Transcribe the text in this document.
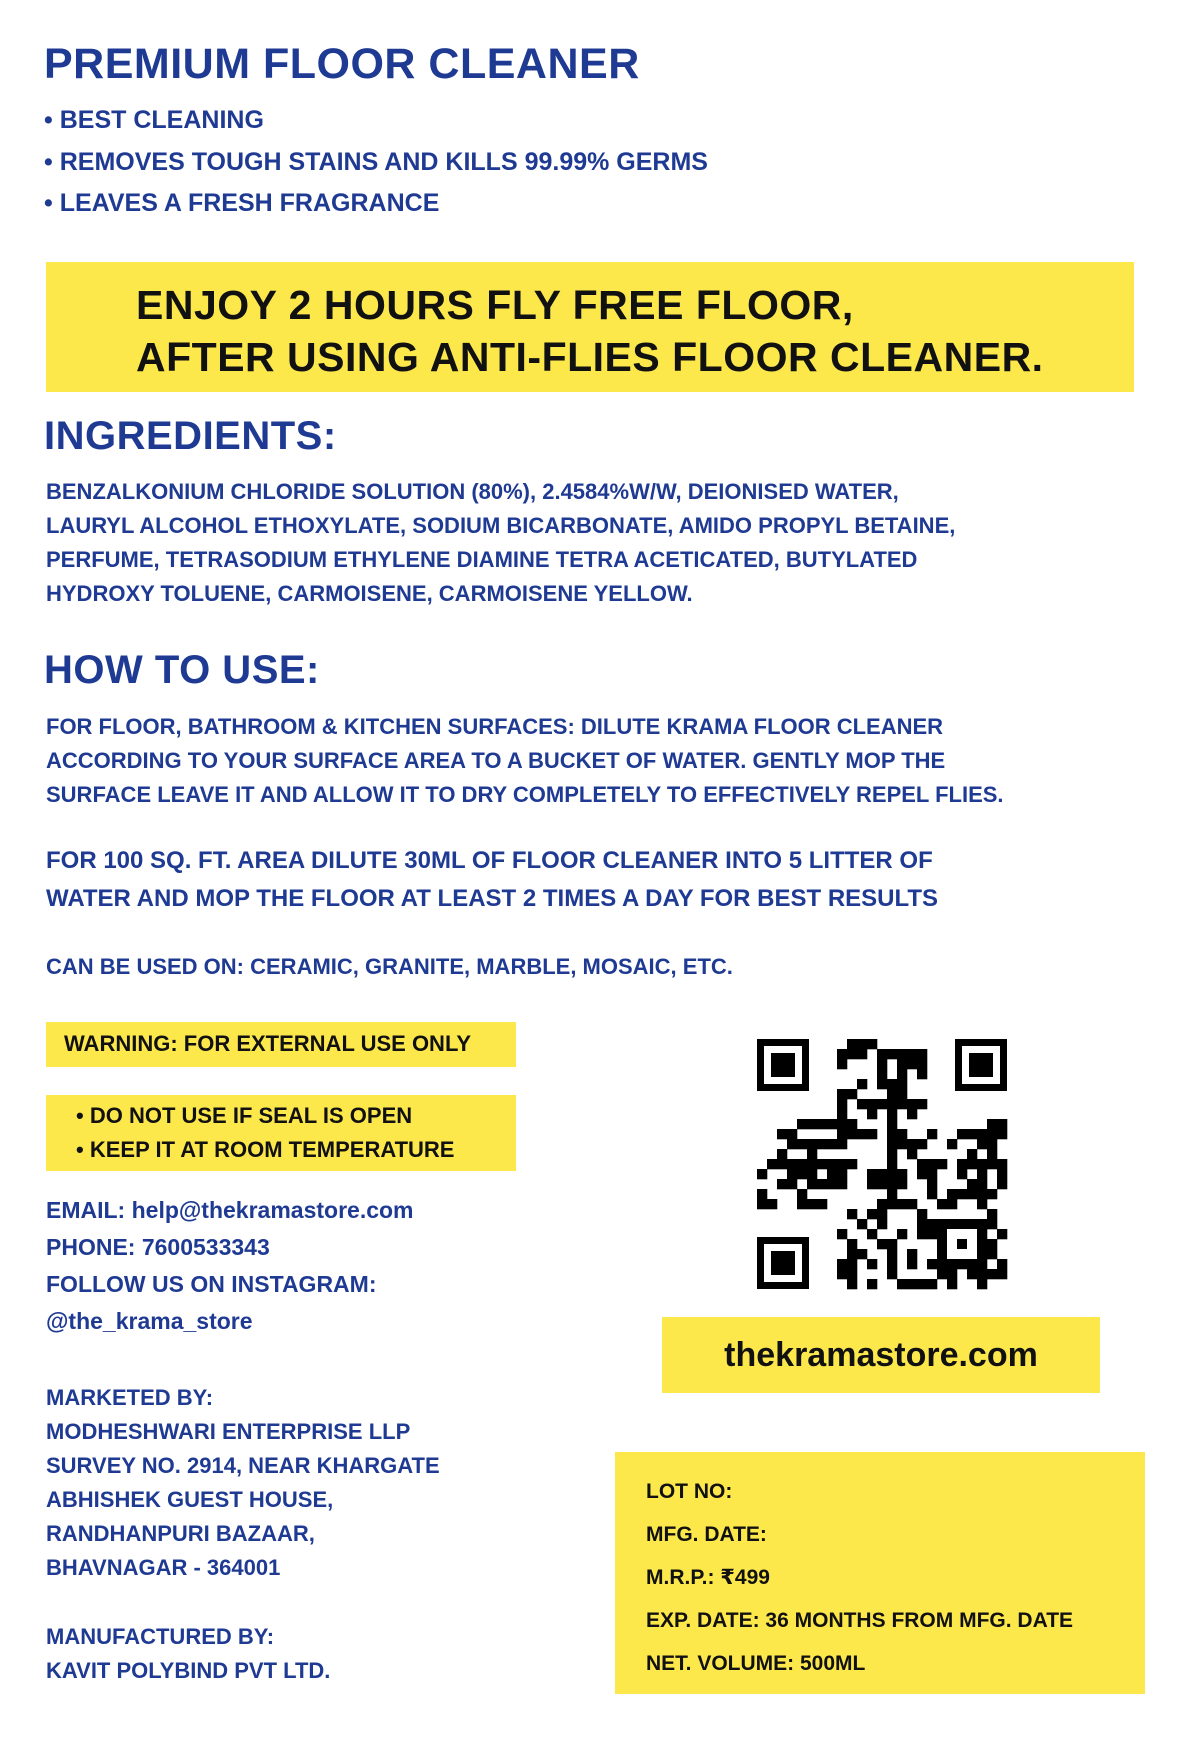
PREMIUM FLOOR CLEANER
• BEST CLEANING
• REMOVES TOUGH STAINS AND KILLS 99.99% GERMS
• LEAVES A FRESH FRAGRANCE
ENJOY 2 HOURS FLY FREE FLOOR,
AFTER USING ANTI-FLIES FLOOR CLEANER.
INGREDIENTS:
BENZALKONIUM CHLORIDE SOLUTION (80%), 2.4584%W/W, DEIONISED WATER,
LAURYL ALCOHOL ETHOXYLATE, SODIUM BICARBONATE, AMIDO PROPYL BETAINE,
PERFUME, TETRASODIUM ETHYLENE DIAMINE TETRA ACETICATED, BUTYLATED
HYDROXY TOLUENE, CARMOISENE, CARMOISENE YELLOW.
HOW TO USE:
FOR FLOOR, BATHROOM & KITCHEN SURFACES: DILUTE KRAMA FLOOR CLEANER
ACCORDING TO YOUR SURFACE AREA TO A BUCKET OF WATER. GENTLY MOP THE
SURFACE LEAVE IT AND ALLOW IT TO DRY COMPLETELY TO EFFECTIVELY REPEL FLIES.
FOR 100 SQ. FT. AREA DILUTE 30ML OF FLOOR CLEANER INTO 5 LITTER OF
WATER AND MOP THE FLOOR AT LEAST 2 TIMES A DAY FOR BEST RESULTS
CAN BE USED ON: CERAMIC, GRANITE, MARBLE, MOSAIC, ETC.
WARNING: FOR EXTERNAL USE ONLY
• DO NOT USE IF SEAL IS OPEN
• KEEP IT AT ROOM TEMPERATURE
EMAIL: help@thekramastore.com
PHONE: 7600533343
FOLLOW US ON INSTAGRAM:
@the_krama_store
MARKETED BY:
MODHESHWARI ENTERPRISE LLP
SURVEY NO. 2914, NEAR KHARGATE
ABHISHEK GUEST HOUSE,
RANDHANPURI BAZAAR,
BHAVNAGAR - 364001
MANUFACTURED BY:
KAVIT POLYBIND PVT LTD.
thekramastore.com
LOT NO:
MFG. DATE:
M.R.P.: ₹499
EXP. DATE: 36 MONTHS FROM MFG. DATE
NET. VOLUME: 500ML
